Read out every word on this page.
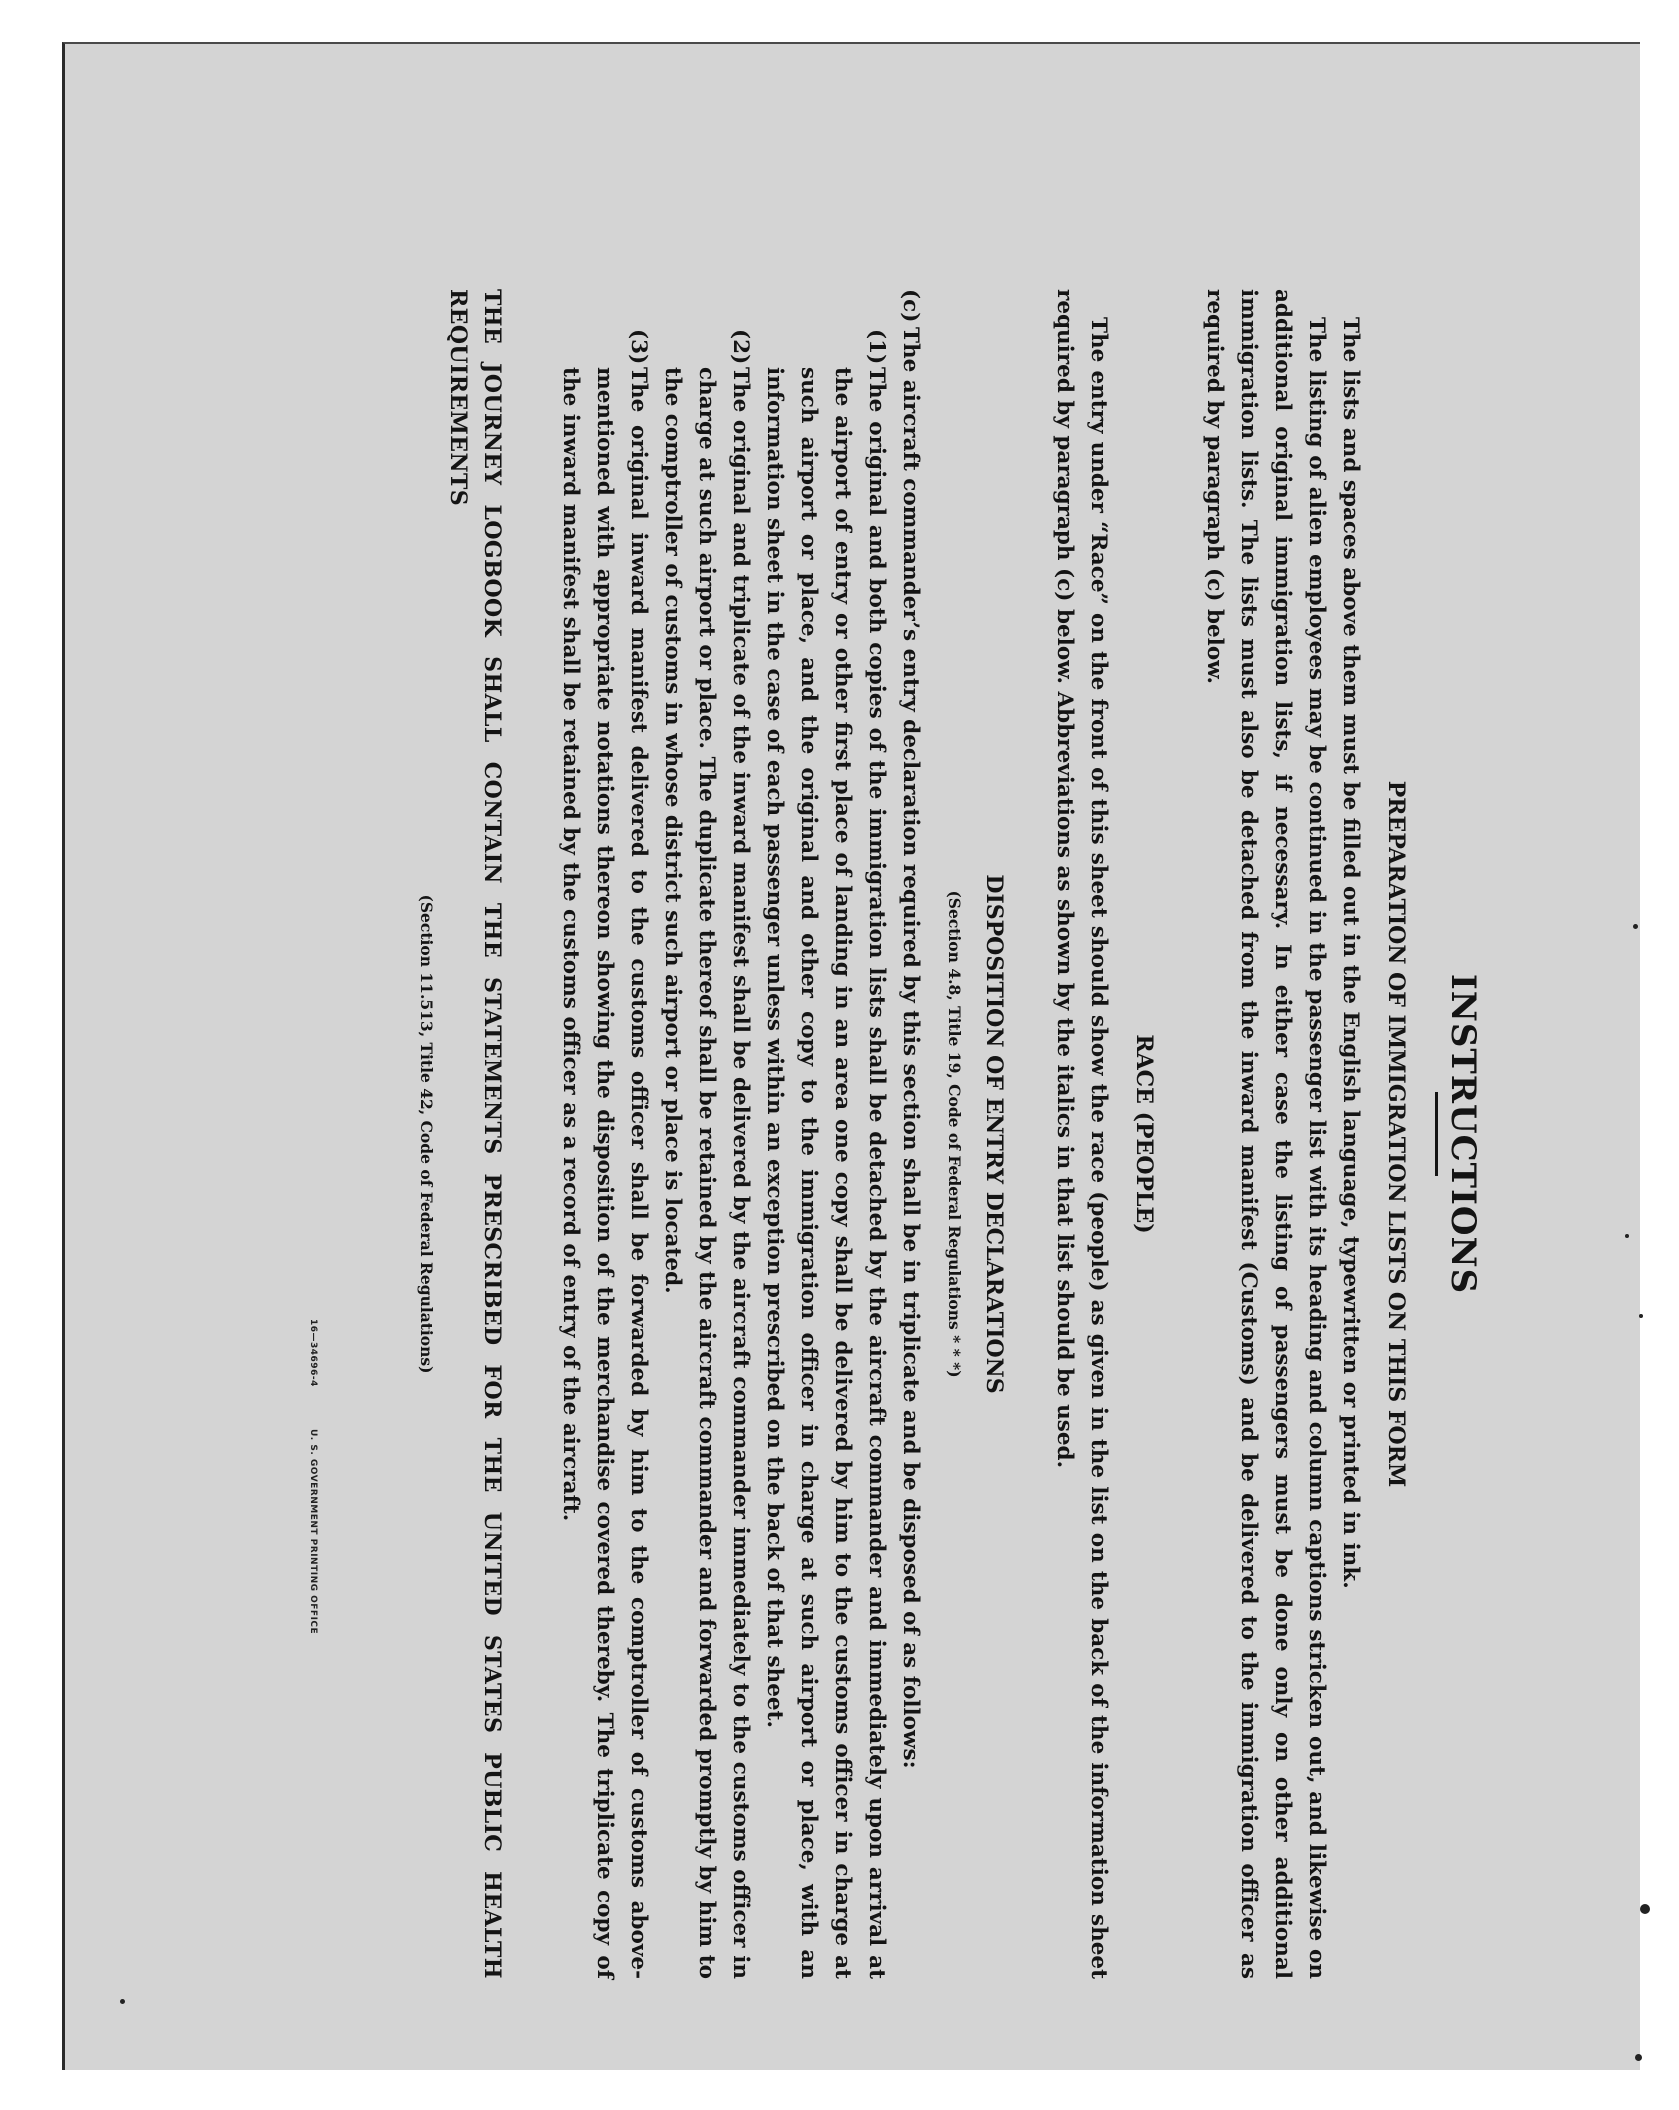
INSTRUCTIONS
PREPARATION OF IMMIGRATION LISTS ON THIS FORM

The lists and spaces above them must be filled out in the English language, typewritten or printed in ink.

The listing of alien employees may be continued in the passenger list with its heading and column captions stricken out, and likewise on additional original immigration lists, if necessary. In either case the listing of passengers must be done only on other additional immigration lists. The lists must also be detached from the inward manifest (Customs) and be delivered to the immigration officer as required by paragraph (c) below.

RACE (PEOPLE)

The entry under “Race” on the front of this sheet should show the race (people) as given in the list on the back of the information sheet required by paragraph (c) below. Abbreviations as shown by the italics in that list should be used.

DISPOSITION OF ENTRY DECLARATIONS
(Section 4.8, Title 19, Code of Federal Regulations * * *)
(c)
The aircraft commander’s entry declaration required by this section shall be in triplicate and be disposed of as follows:

(1)
The original and both copies of the immigration lists shall be detached by the aircraft commander and immediately upon arrival at the airport of entry or other first place of landing in an area one copy shall be delivered by him to the customs officer in charge at such airport or place, and the original and other copy to the immigration officer in charge at such airport or place, with an information sheet in the case of each passenger unless within an exception prescribed on the back of that sheet.

(2)
The original and triplicate of the inward manifest shall be delivered by the aircraft commander immediately to the customs officer in charge at such airport or place. The duplicate thereof shall be retained by the aircraft commander and forwarded promptly by him to the comptroller of customs in whose district such airport or place is located.

(3)
The original inward manifest delivered to the customs officer shall be forwarded by him to the comptroller of customs above-mentioned with appropriate notations thereon showing the disposition of the merchandise covered thereby. The triplicate copy of the inward manifest shall be retained by the customs officer as a record of entry of the aircraft.

THE JOURNEY LOGBOOK SHALL CONTAIN THE STATEMENTS PRESCRIBED FOR THE UNITED STATES PUBLIC HEALTH REQUIREMENTS
(Section 11.513, Title 42, Code of Federal Regulations)
16—34696-4
U. S. GOVERNMENT PRINTING OFFICE
